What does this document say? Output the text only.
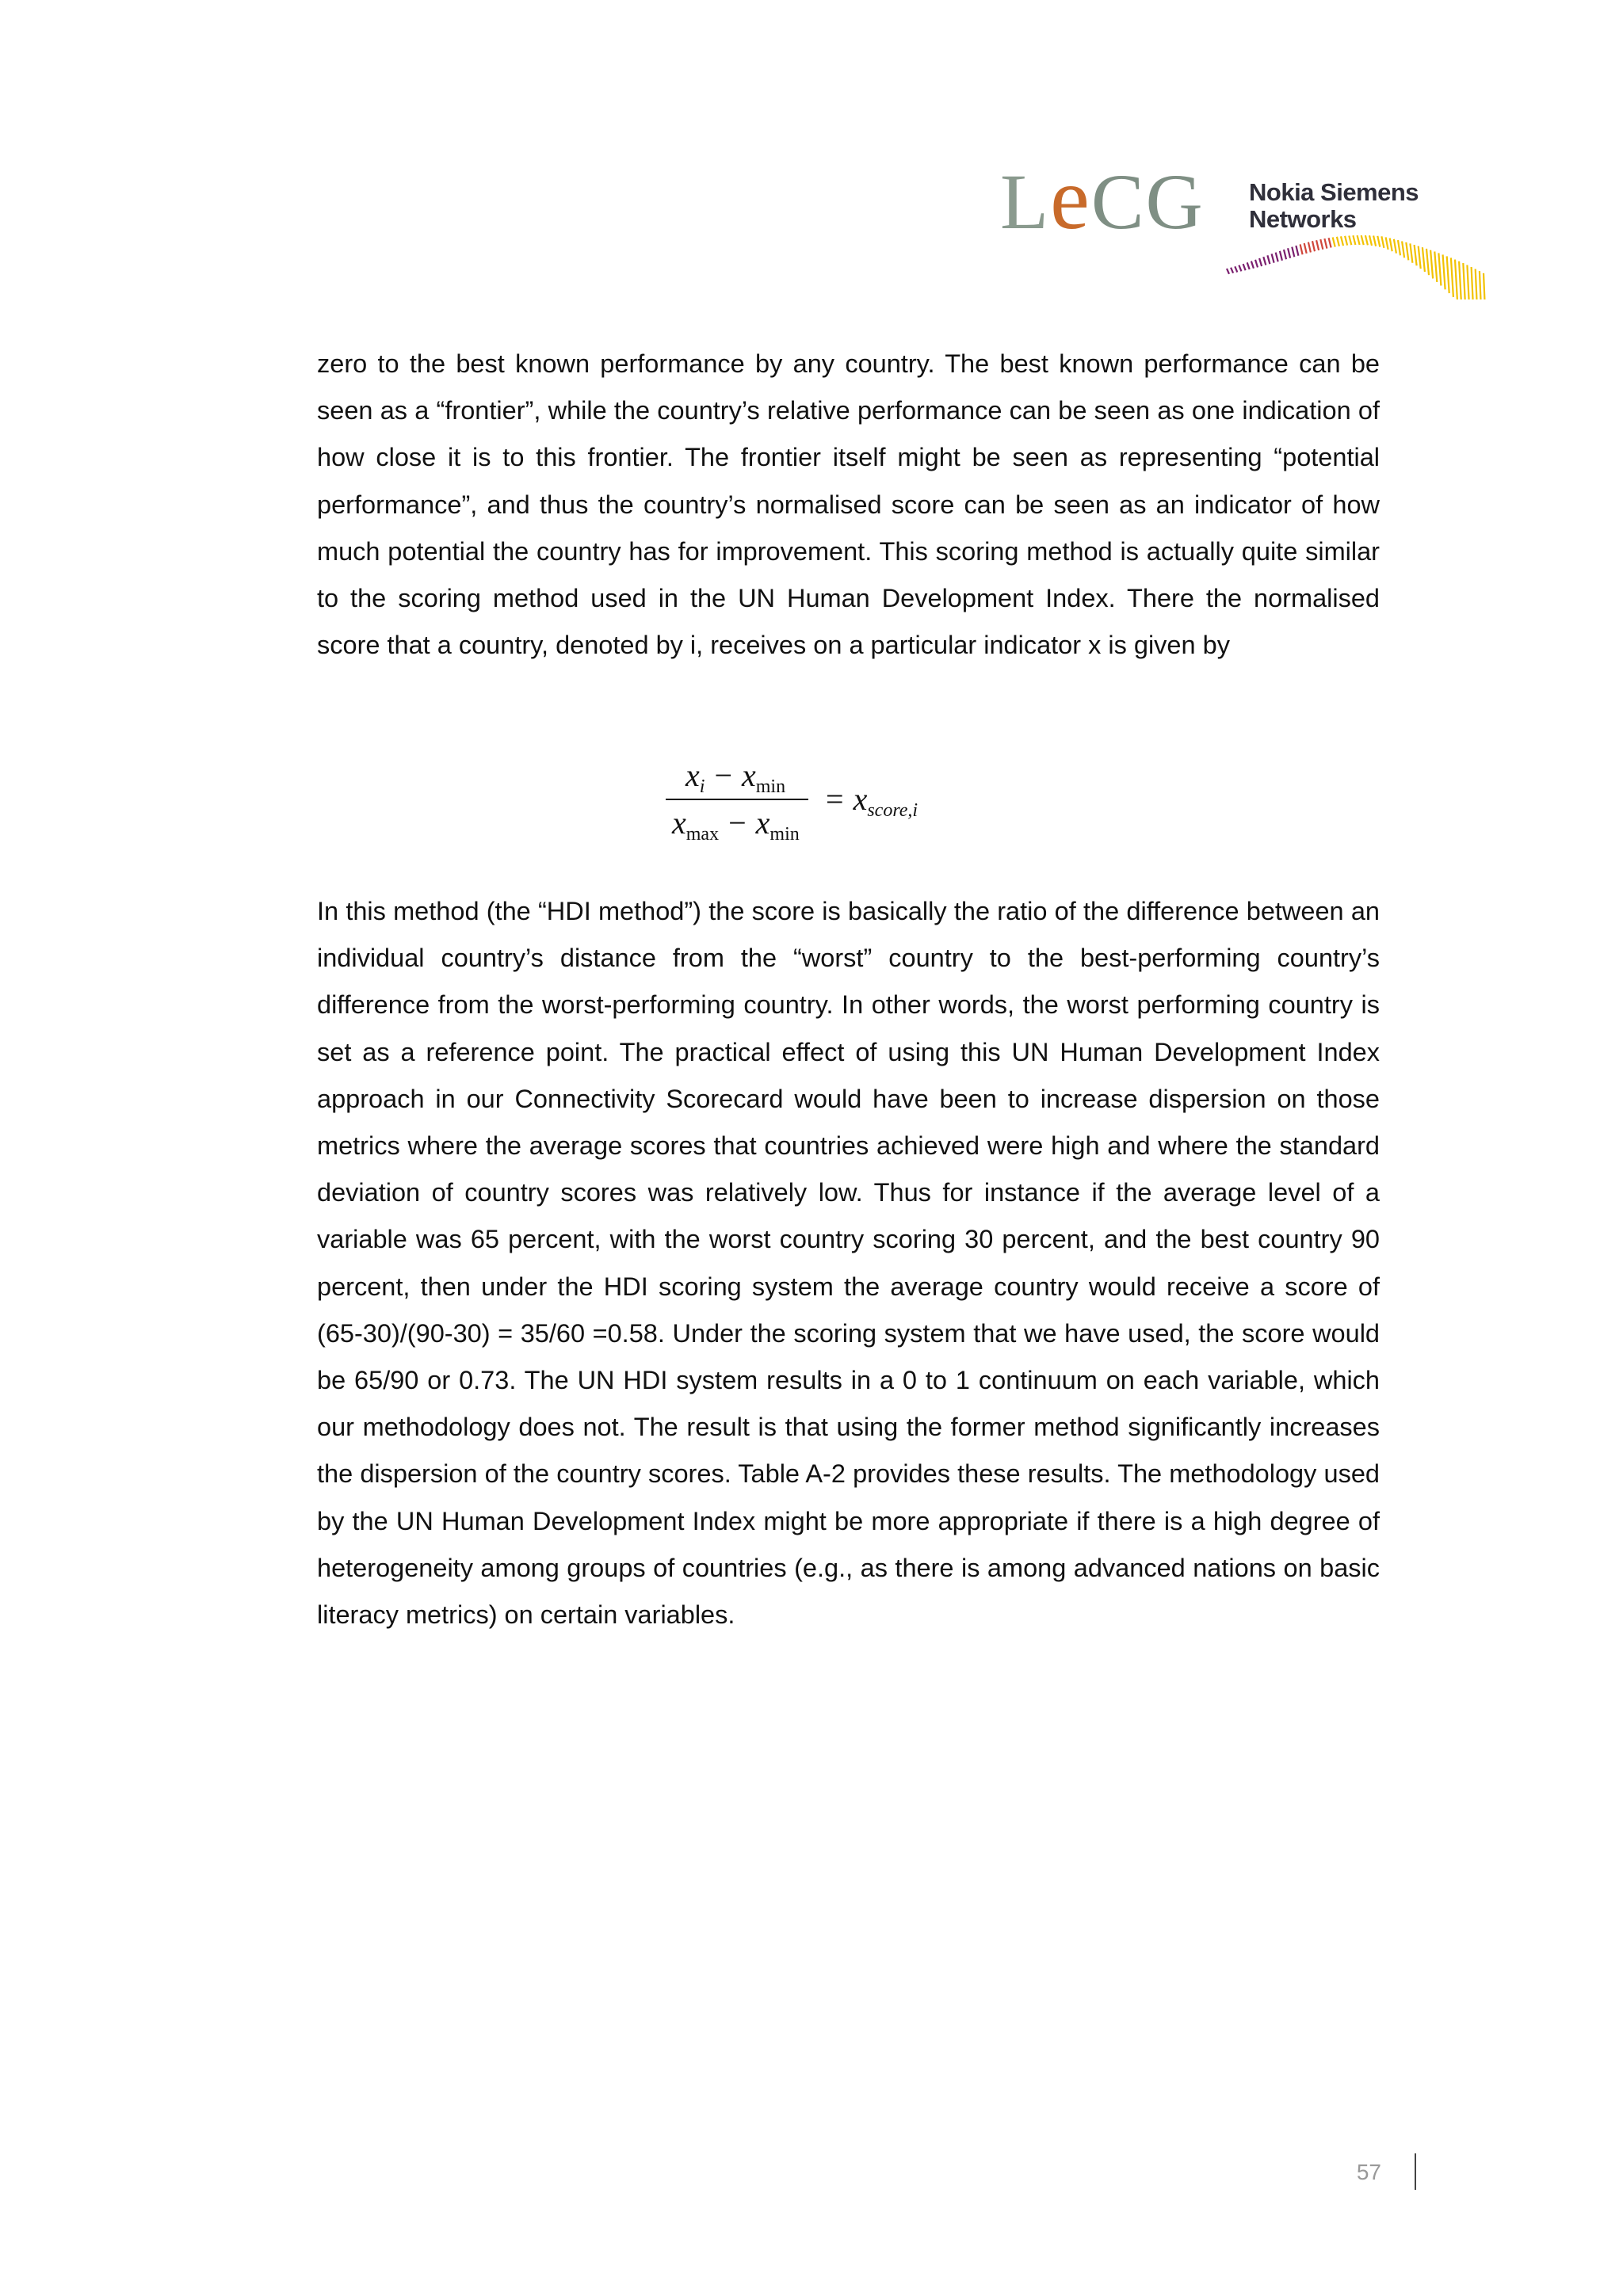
LeCG Nokia Siemens
Networks

zero to the best known performance by any country. The best known performance can be seen as a “frontier”, while the country’s relative performance can be seen as one indication of how close it is to this frontier. The frontier itself might be seen as representing “potential performance”, and thus the country’s normalised score can be seen as an indicator of how much potential the country has for improvement. This scoring method is actually quite similar to the scoring method used in the UN Human Development Index. There the normalised score that a country, denoted by i, receives on a particular indicator x is given by

$x_i - x_{min}$
$x_{max} - x_{min}$
= $x_{score,i}$

In this method (the “HDI method”) the score is basically the ratio of the difference between an individual country’s distance from the “worst” country to the best-performing country’s difference from the worst-performing country. In other words, the worst performing country is set as a reference point. The practical effect of using this UN Human Development Index approach in our Connectivity Scorecard would have been to increase dispersion on those metrics where the average scores that countries achieved were high and where the standard deviation of country scores was relatively low. Thus for instance if the average level of a variable was 65 percent, with the worst country scoring 30 percent, and the best country 90 percent, then under the HDI scoring system the average country would receive a score of (65-30)/(90-30) = 35/60 =0.58. Under the scoring system that we have used, the score would be 65/90 or 0.73. The UN HDI system results in a 0 to 1 continuum on each variable, which our methodology does not. The result is that using the former method significantly increases the dispersion of the country scores. Table A-2 provides these results. The methodology used by the UN Human Development Index might be more appropriate if there is a high degree of heterogeneity among groups of countries (e.g., as there is among advanced nations on basic literacy metrics) on certain variables.

57
